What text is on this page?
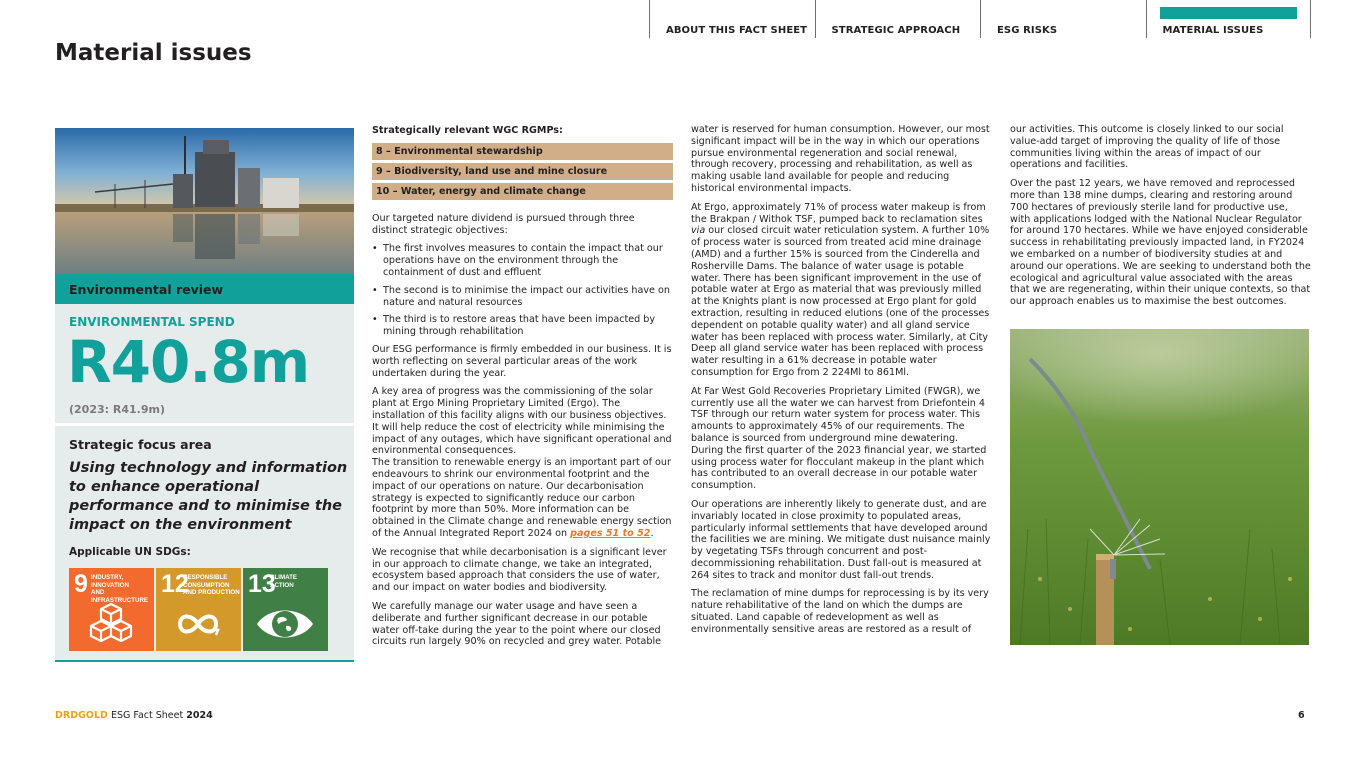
ABOUT THIS FACT SHEET STRATEGIC APPROACH	ESG RISKS	MATERIAL ISSUES
Material issues
Environmental review
ENVIRONMENTAL SPEND
R40.8m
(2023: R41.9m)
Strategic focus area
Using technology and information to enhance operational performance and to minimise the impact on the environment
Applicable UN SDGs:
9 INDUSTRY, INNOVATION
AND INFRASTRUCTURE
12
RESPONSIBLE
CONSUMPTION
AND PRODUCTION 13
CLIMATE
ACTION
Strategically relevant WGC RGMPs:
8 – Environmental stewardship
9 – Biodiversity, land use and mine closure
10 – Water, energy and climate change

Our targeted nature dividend is pursued through three distinct strategic objectives:

• The first involves measures to contain the impact that our operations have on the environment through the containment of dust and effluent
• The second is to minimise the impact our activities have on nature and natural resources
• The third is to restore areas that have been impacted by mining through rehabilitation

Our ESG performance is firmly embedded in our business. It is worth reflecting on several particular areas of the work undertaken during the year.

A key area of progress was the commissioning of the solar plant at Ergo Mining Proprietary Limited (Ergo). The installation of this facility aligns with our business objectives. It will help reduce the cost of electricity while minimising the impact of any outages, which have significant operational and environmental consequences.
The transition to renewable energy is an important part of our endeavours to shrink our environmental footprint and the impact of our operations on nature. Our decarbonisation strategy is expected to significantly reduce our carbon footprint by more than 50%. More information can be obtained in the Climate change and renewable energy section of the Annual Integrated Report 2024 on pages 51 to 52.

We recognise that while decarbonisation is a significant lever in our approach to climate change, we take an integrated, ecosystem based approach that considers the use of water, and our impact on water bodies and biodiversity.

We carefully manage our water usage and have seen a deliberate and further significant decrease in our potable water off-take during the year to the point where our closed circuits run largely 90% on recycled and grey water. Potable

water is reserved for human consumption. However, our most significant impact will be in the way in which our operations pursue environmental regeneration and social renewal, through recovery, processing and rehabilitation, as well as making usable land available for people and reducing historical environmental impacts.

At Ergo, approximately 71% of process water makeup is from the Brakpan / Withok TSF, pumped back to reclamation sites via our closed circuit water reticulation system. A further 10% of process water is sourced from treated acid mine drainage (AMD) and a further 15% is sourced from the Cinderella and Rosherville Dams. The balance of water usage is potable water. There has been significant improvement in the use of potable water at Ergo as material that was previously milled at the Knights plant is now processed at Ergo plant for gold extraction, resulting in reduced elutions (one of the processes dependent on potable quality water) and all gland service water has been replaced with process water. Similarly, at City Deep all gland service water has been replaced with process water resulting in a 61% decrease in potable water consumption for Ergo from 2 224Ml to 861Ml.

At Far West Gold Recoveries Proprietary Limited (FWGR), we currently use all the water we can harvest from Driefontein 4 TSF through our return water system for process water. This amounts to approximately 45% of our requirements. The balance is sourced from underground mine dewatering. During the first quarter of the 2023 financial year, we started using process water for flocculant makeup in the plant which has contributed to an overall decrease in our potable water consumption.

Our operations are inherently likely to generate dust, and are invariably located in close proximity to populated areas, particularly informal settlements that have developed around the facilities we are mining. We mitigate dust nuisance mainly by vegetating TSFs through concurrent and post-decommissioning rehabilitation. Dust fall-out is measured at 264 sites to track and monitor dust fall-out trends.

The reclamation of mine dumps for reprocessing is by its very nature rehabilitative of the land on which the dumps are situated. Land capable of redevelopment as well as environmentally sensitive areas are restored as a result of

our activities. This outcome is closely linked to our social value-add target of improving the quality of life of those communities living within the areas of impact of our operations and facilities.

Over the past 12 years, we have removed and reprocessed more than 138 mine dumps, clearing and restoring around 700 hectares of previously sterile land for productive use, with applications lodged with the National Nuclear Regulator for around 170 hectares. While we have enjoyed considerable success in rehabilitating previously impacted land, in FY2024 we embarked on a number of biodiversity studies at and around our operations. We are seeking to understand both the ecological and agricultural value associated with the areas that we are regenerating, within their unique contexts, so that our approach enables us to maximise the best outcomes.

DRDGOLD ESG Fact Sheet 2024	6
